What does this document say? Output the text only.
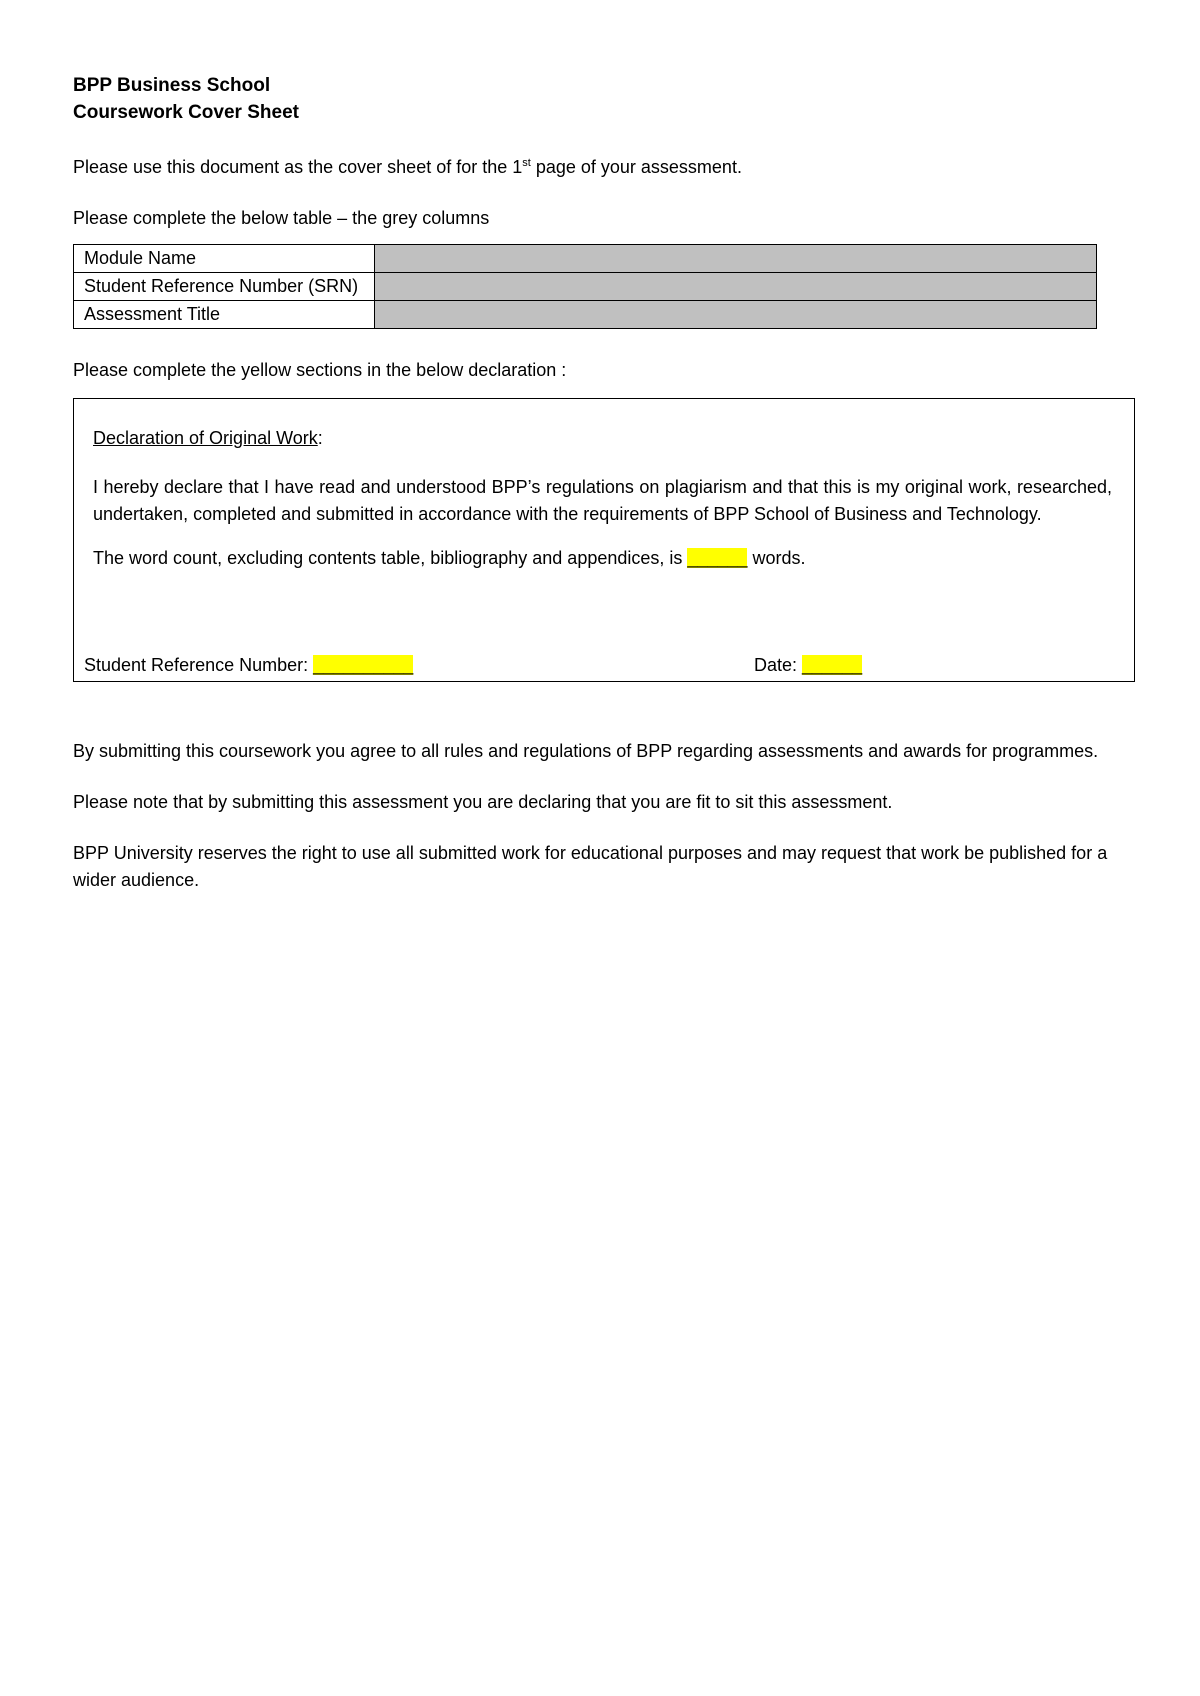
BPP Business School

Coursework Cover Sheet

Please use this document as the cover sheet of for the 1st page of your assessment.

Please complete the below table – the grey columns

Module Name	
Student Reference Number (SRN)	
Assessment Title	

Please complete the yellow sections in the below declaration :

Declaration of Original Work:

I hereby declare that I have read and understood BPP’s regulations on plagiarism and that this is my original work, researched, undertaken, completed and submitted in accordance with the requirements of BPP School of Business and Technology.

The word count, excluding contents table, bibliography and appendices, is ______ words.

Student Reference Number: __________	Date: ______

By submitting this coursework you agree to all rules and regulations of BPP regarding assessments and awards for programmes.

Please note that by submitting this assessment you are declaring that you are fit to sit this assessment.

BPP University reserves the right to use all submitted work for educational purposes and may request that work be published for a wider audience.
